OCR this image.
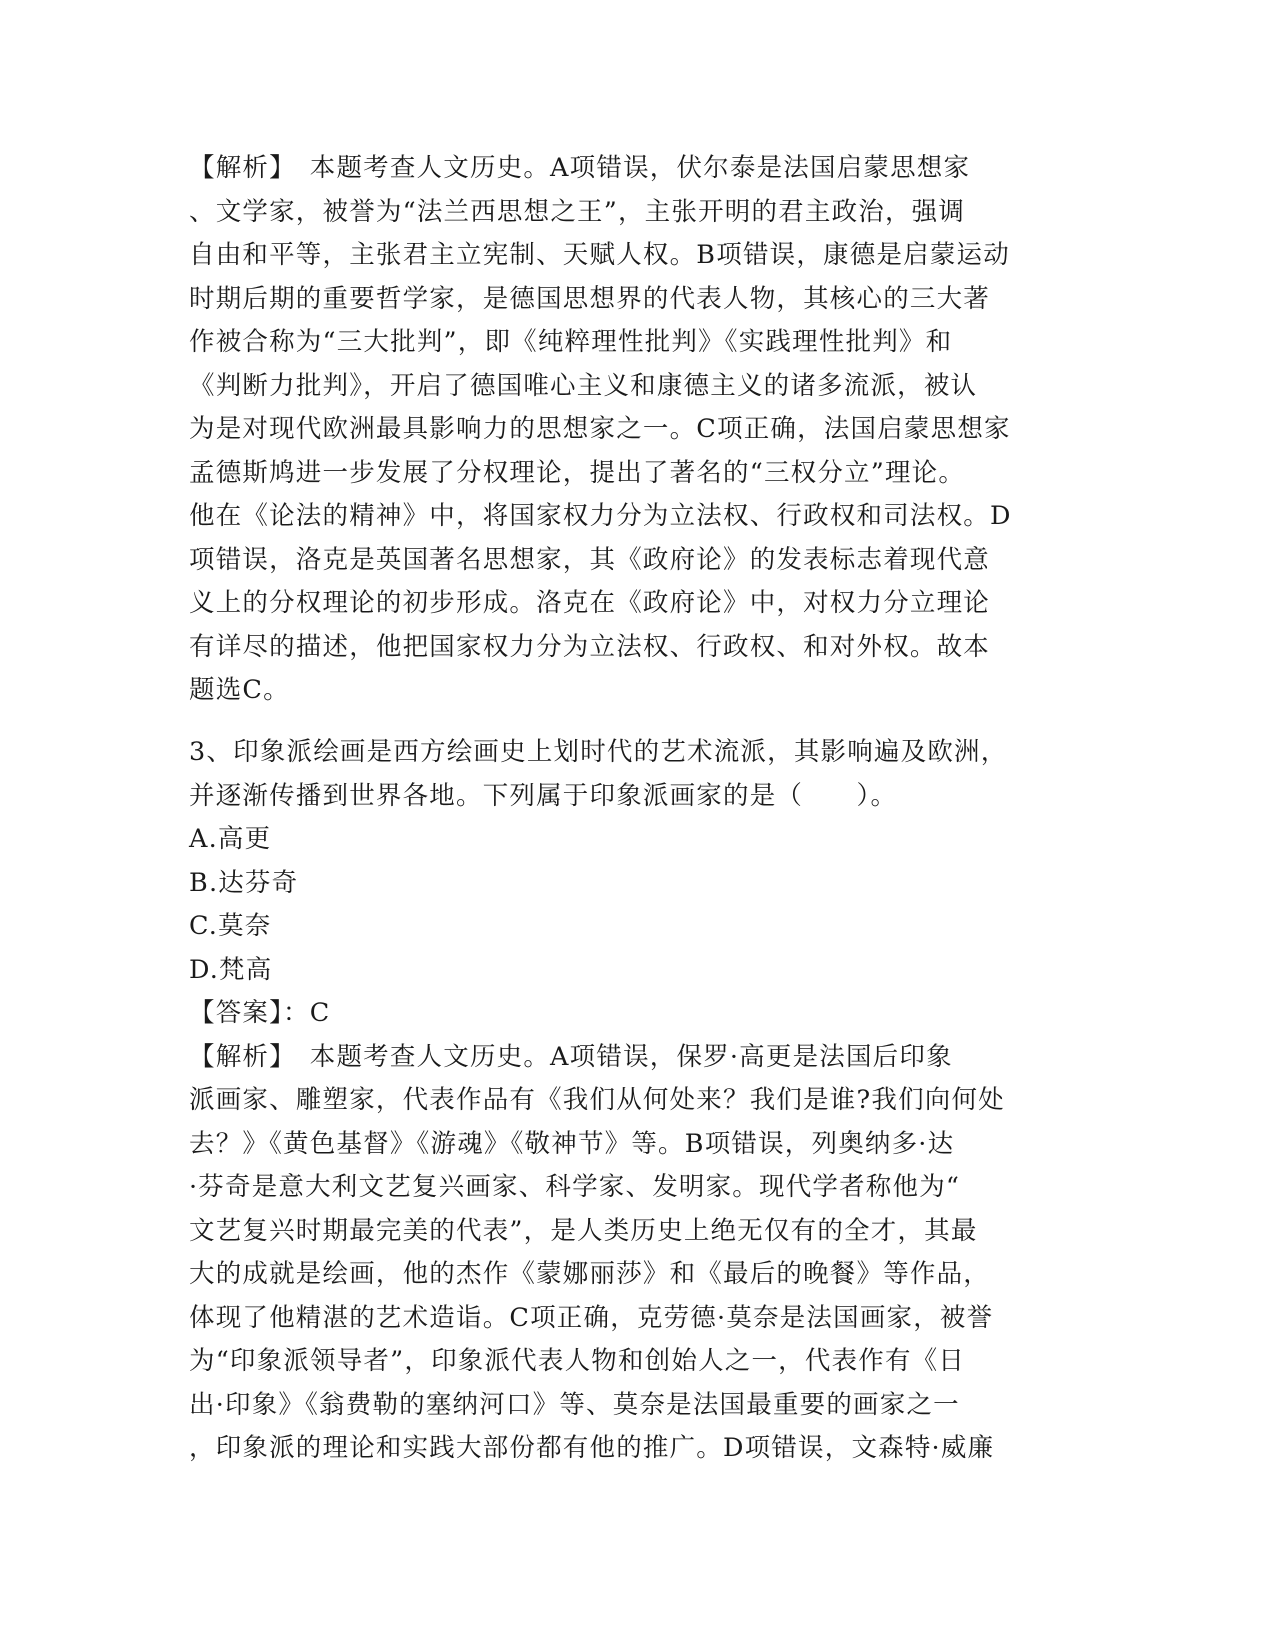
【解析】　本题考查人文历史。A项错误，伏尔泰是法国启蒙思想家
、文学家，被誉为“法兰西思想之王”，主张开明的君主政治，强调
自由和平等，主张君主立宪制、天赋人权。B项错误，康德是启蒙运动
时期后期的重要哲学家，是德国思想界的代表人物，其核心的三大著
作被合称为“三大批判”，即《纯粹理性批判》《实践理性批判》和
《判断力批判》，开启了德国唯心主义和康德主义的诸多流派，被认
为是对现代欧洲最具影响力的思想家之一。C项正确，法国启蒙思想家
孟德斯鸠进一步发展了分权理论，提出了著名的“三权分立”理论。
他在《论法的精神》中，将国家权力分为立法权、行政权和司法权。D
项错误，洛克是英国著名思想家，其《政府论》的发表标志着现代意
义上的分权理论的初步形成。洛克在《政府论》中，对权力分立理论
有详尽的描述，他把国家权力分为立法权、行政权、和对外权。故本
题选C。
3、印象派绘画是西方绘画史上划时代的艺术流派，其影响遍及欧洲，
并逐渐传播到世界各地。下列属于印象派画家的是（　　）。
A.高更
B.达芬奇
C.莫奈
D.梵高
【答案】：C
【解析】　本题考查人文历史。A项错误，保罗·高更是法国后印象
派画家、雕塑家，代表作品有《我们从何处来？我们是谁?我们向何处
去？》《黄色基督》《游魂》《敬神节》等。B项错误，列奥纳多·达
·芬奇是意大利文艺复兴画家、科学家、发明家。现代学者称他为“
文艺复兴时期最完美的代表”，是人类历史上绝无仅有的全才，其最
大的成就是绘画，他的杰作《蒙娜丽莎》和《最后的晚餐》等作品，
体现了他精湛的艺术造诣。C项正确，克劳德·莫奈是法国画家，被誉
为“印象派领导者”，印象派代表人物和创始人之一，代表作有《日
出·印象》《翁费勒的塞纳河口》等、莫奈是法国最重要的画家之一
，印象派的理论和实践大部份都有他的推广。D项错误，文森特·威廉
